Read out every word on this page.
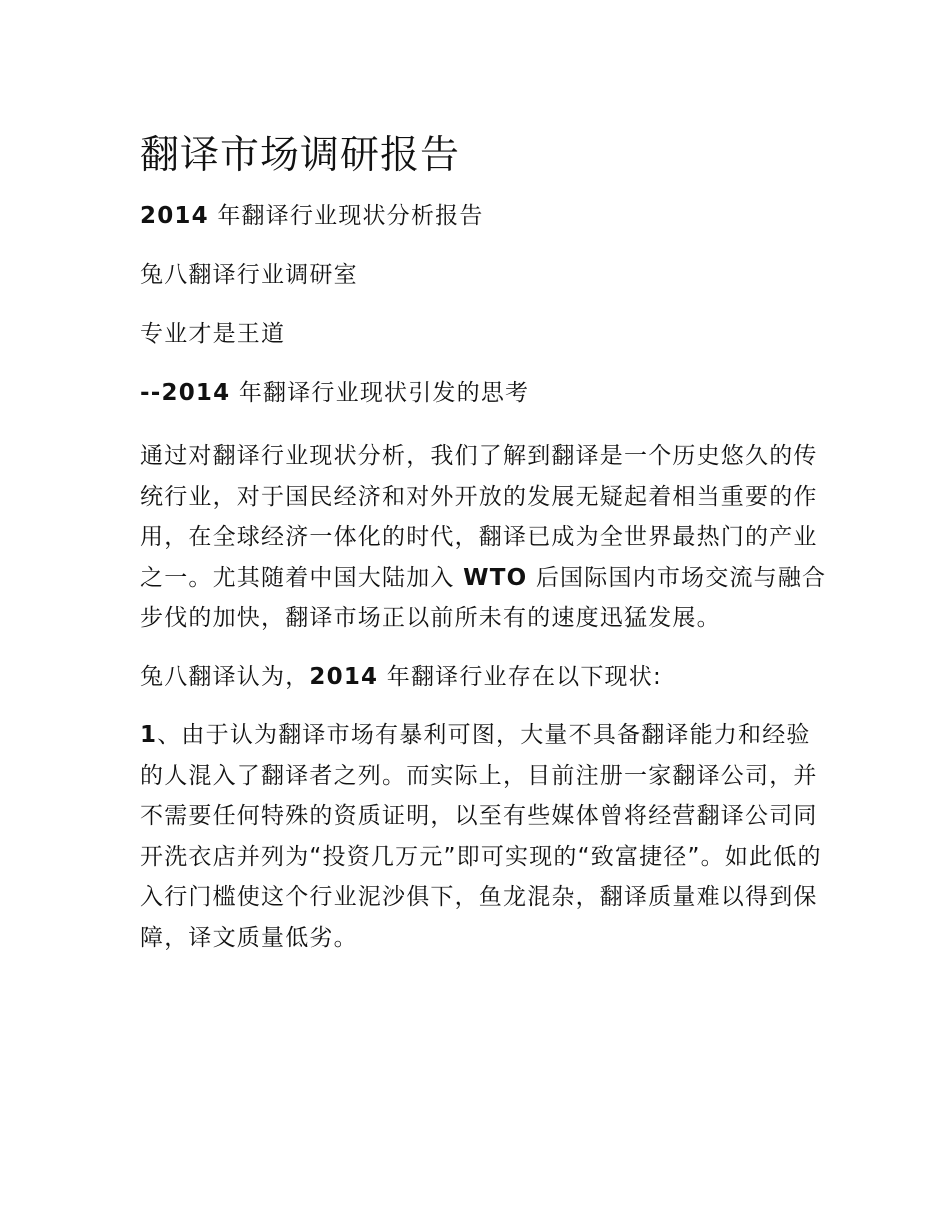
翻译市场调研报告

2014 年翻译行业现状分析报告

兔八翻译行业调研室

专业才是王道

--2014 年翻译行业现状引发的思考

通过对翻译行业现状分析，我们了解到翻译是一个历史悠久的传统行业，对于国民经济和对外开放的发展无疑起着相当重要的作用，在全球经济一体化的时代，翻译已成为全世界最热门的产业之一。尤其随着中国大陆加入 WTO 后国际国内市场交流与融合步伐的加快，翻译市场正以前所未有的速度迅猛发展。

兔八翻译认为，2014 年翻译行业存在以下现状:

1、由于认为翻译市场有暴利可图，大量不具备翻译能力和经验的人混入了翻译者之列。而实际上，目前注册一家翻译公司，并不需要任何特殊的资质证明，以至有些媒体曾将经营翻译公司同开洗衣店并列为“投资几万元”即可实现的“致富捷径”。如此低的入行门槛使这个行业泥沙俱下，鱼龙混杂，翻译质量难以得到保障，译文质量低劣。
